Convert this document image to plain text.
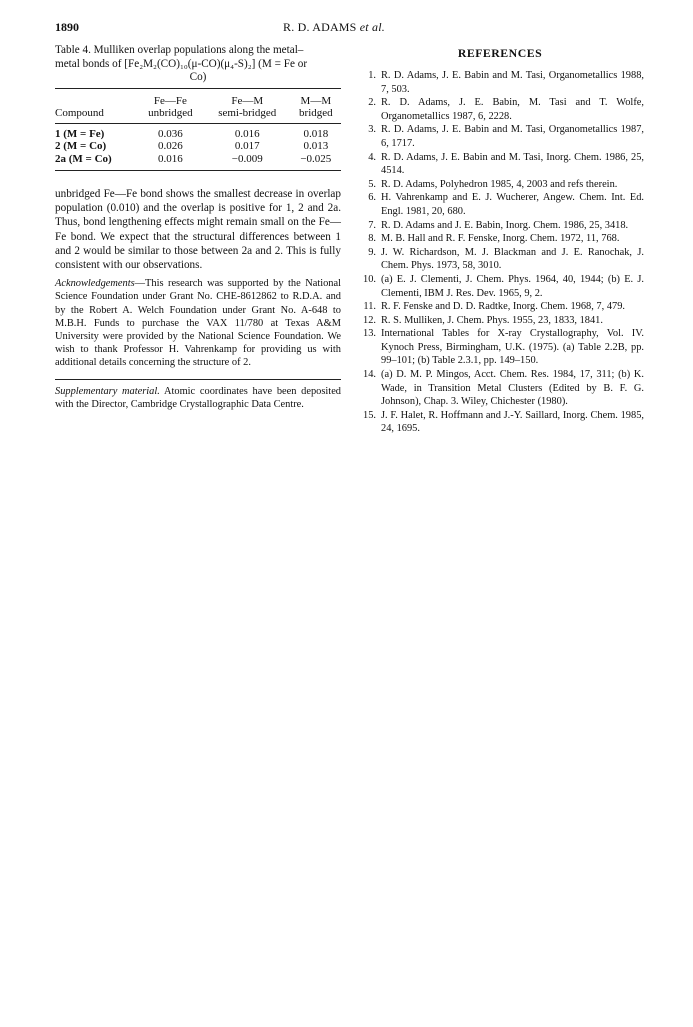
1890	R. D. ADAMS et al.
Table 4. Mulliken overlap populations along the metal–
metal bonds of [Fe₂M₂(CO)₁₀(μ-CO)(μ₄-S)₂] (M = Fe or
Co)

Compound	Fe—Fe	Fe—M	M—M
	unbridged	semi-bridged	bridged

1 (M = Fe)	0.036	0.016	0.018
2 (M = Co)	0.026	0.017	0.013
2a (M = Co)	0.016	−0.009	−0.025

unbridged Fe—Fe bond shows the smallest decrease in overlap population (0.010) and the overlap is positive for 1, 2 and 2a. Thus, bond lengthening effects might remain small on the Fe—Fe bond. We expect that the structural differences between 1 and 2 would be similar to those between 2a and 2. This is fully consistent with our observations.

Acknowledgements—This research was supported by the National Science Foundation under Grant No. CHE-8612862 to R.D.A. and by the Robert A. Welch Foundation under Grant No. A-648 to M.B.H. Funds to purchase the VAX 11/780 at Texas A&M University were provided by the National Science Foundation. We wish to thank Professor H. Vahrenkamp for providing us with additional details concerning the structure of 2.
Supplementary material. Atomic coordinates have been deposited with the Director, Cambridge Crystallographic Data Centre.
REFERENCES
1. R. D. Adams, J. E. Babin and M. Tasi, Organometallics 1988, 7, 503.
2. R. D. Adams, J. E. Babin, M. Tasi and T. Wolfe, Organometallics 1987, 6, 2228.
3. R. D. Adams, J. E. Babin and M. Tasi, Organometallics 1987, 6, 1717.
4. R. D. Adams, J. E. Babin and M. Tasi, Inorg. Chem. 1986, 25, 4514.
5. R. D. Adams, Polyhedron 1985, 4, 2003 and refs therein.
6. H. Vahrenkamp and E. J. Wucherer, Angew. Chem. Int. Ed. Engl. 1981, 20, 680.
7. R. D. Adams and J. E. Babin, Inorg. Chem. 1986, 25, 3418.
8. M. B. Hall and R. F. Fenske, Inorg. Chem. 1972, 11, 768.
9. J. W. Richardson, M. J. Blackman and J. E. Ranochak, J. Chem. Phys. 1973, 58, 3010.
10. (a) E. J. Clementi, J. Chem. Phys. 1964, 40, 1944; (b) E. J. Clementi, IBM J. Res. Dev. 1965, 9, 2.
11. R. F. Fenske and D. D. Radtke, Inorg. Chem. 1968, 7, 479.
12. R. S. Mulliken, J. Chem. Phys. 1955, 23, 1833, 1841.
13. International Tables for X-ray Crystallography, Vol. IV. Kynoch Press, Birmingham, U.K. (1975). (a) Table 2.2B, pp. 99–101; (b) Table 2.3.1, pp. 149–150.
14. (a) D. M. P. Mingos, Acct. Chem. Res. 1984, 17, 311; (b) K. Wade, in Transition Metal Clusters (Edited by B. F. G. Johnson), Chap. 3. Wiley, Chichester (1980).
15. J. F. Halet, R. Hoffmann and J.-Y. Saillard, Inorg. Chem. 1985, 24, 1695.
